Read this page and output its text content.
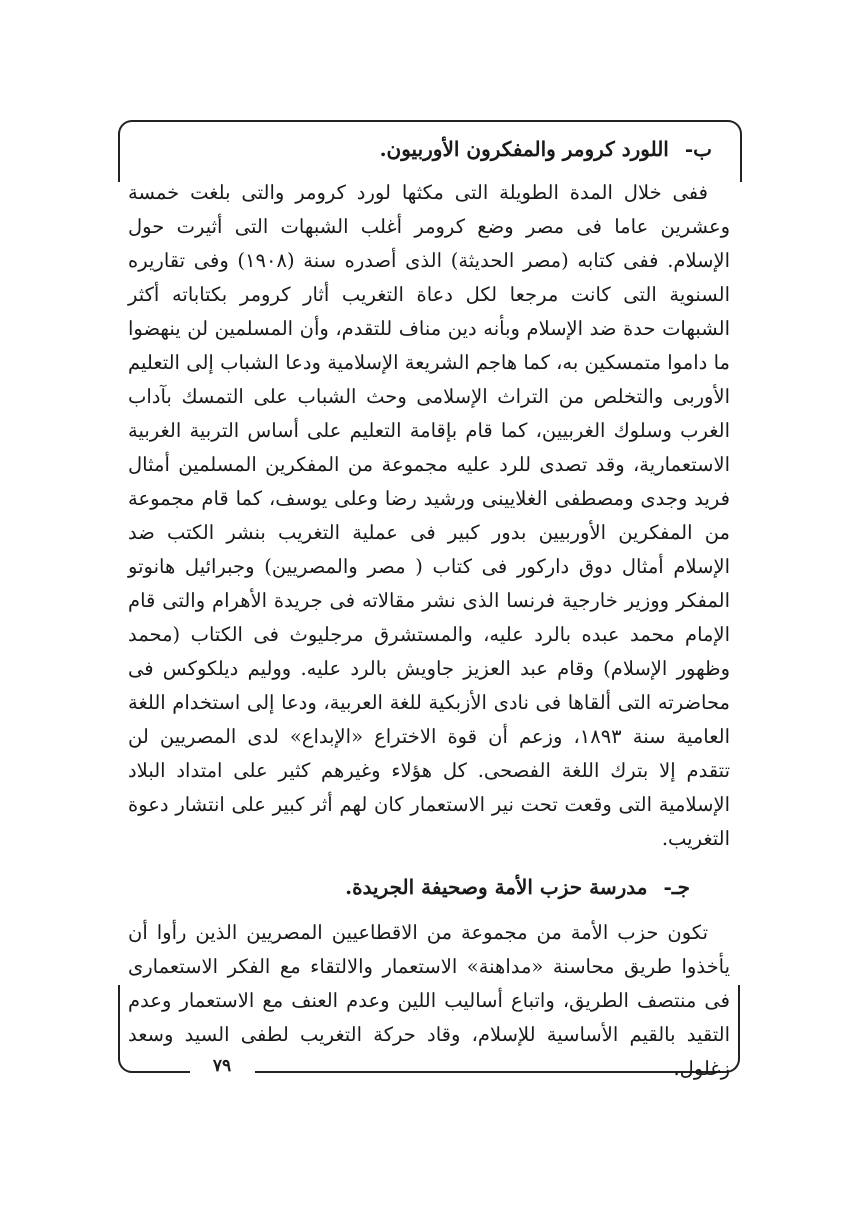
٧٩
ب-اللورد كرومر والمفكرون الأوربيون.

ففى خلال المدة الطويلة التى مكثها لورد كرومر والتى بلغت خمسة وعشرين عاما فى مصر وضع كرومر أغلب الشبهات التى أثيرت حول الإسلام. ففى كتابه (مصر الحديثة) الذى أصدره سنة (١٩٠٨) وفى تقاريره السنوية التى كانت مرجعا لكل دعاة التغريب أثار كرومر بكتاباته أكثر الشبهات حدة ضد الإسلام وبأنه دين مناف للتقدم، وأن المسلمين لن ينهضوا ما داموا متمسكين به، كما هاجم الشريعة الإسلامية ودعا الشباب إلى التعليم الأوربى والتخلص من التراث الإسلامى وحث الشباب على التمسك بآداب الغرب وسلوك الغربيين، كما قام بإقامة التعليم على أساس التربية الغربية الاستعمارية، وقد تصدى للرد عليه مجموعة من المفكرين المسلمين أمثال فريد وجدى ومصطفى الغلايينى ورشيد رضا وعلى يوسف، كما قام مجموعة من المفكرين الأوربيين بدور كبير فى عملية التغريب بنشر الكتب ضد الإسلام أمثال دوق داركور فى كتاب ( مصر والمصريين) وجبرائيل هانوتو المفكر ووزير خارجية فرنسا الذى نشر مقالاته فى جريدة الأهرام والتى قام الإمام محمد عبده بالرد عليه، والمستشرق مرجليوث فى الكتاب (محمد وظهور الإسلام) وقام عبد العزيز جاويش بالرد عليه. ووليم ديلكوكس فى محاضرته التى ألقاها فى نادى الأزبكية للغة العربية، ودعا إلى استخدام اللغة العامية سنة ١٨٩٣، وزعم أن قوة الاختراع «الإبداع» لدى المصريين لن تتقدم إلا بترك اللغة الفصحى. كل هؤلاء وغيرهم كثير على امتداد البلاد الإسلامية التى وقعت تحت نير الاستعمار كان لهم أثر كبير على انتشار دعوة التغريب.

جـ-مدرسة حزب الأمة وصحيفة الجريدة.

تكون حزب الأمة من مجموعة من الاقطاعيين المصريين الذين رأوا أن يأخذوا طريق محاسنة «مداهنة» الاستعمار والالتقاء مع الفكر الاستعمارى فى منتصف الطريق، واتباع أساليب اللين وعدم العنف مع الاستعمار وعدم التقيد بالقيم الأساسية للإسلام، وقاد حركة التغريب لطفى السيد وسعد زغلول.
